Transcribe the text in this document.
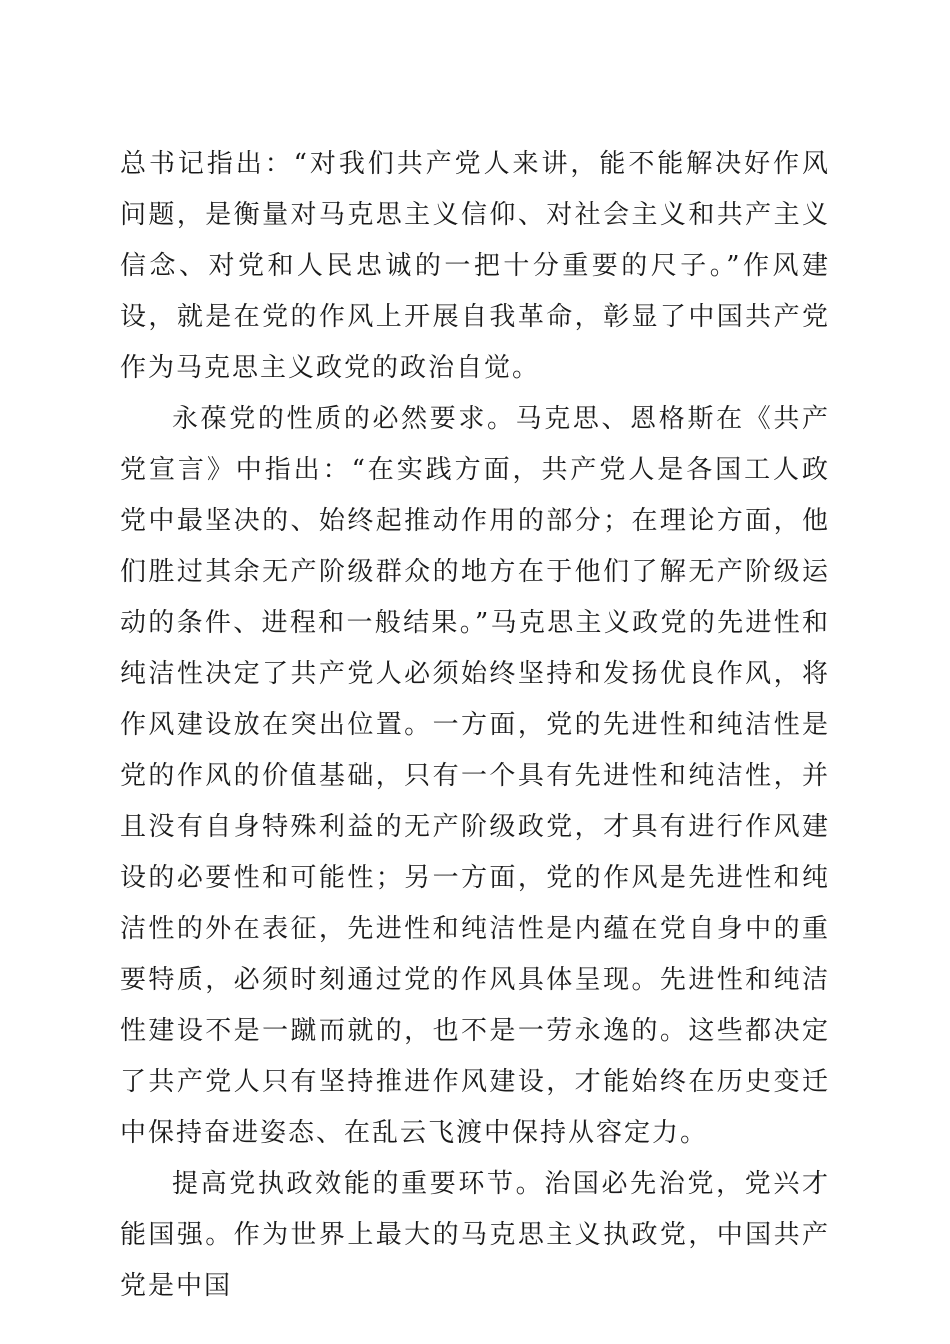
总书记指出：“对我们共产党人来讲，能不能解决好作风问题，是衡量对马克思主义信仰、对社会主义和共产主义信念、对党和人民忠诚的一把十分重要的尺子。”作风建设，就是在党的作风上开展自我革命，彰显了中国共产党作为马克思主义政党的政治自觉。

永葆党的性质的必然要求。马克思、恩格斯在《共产党宣言》中指出：“在实践方面，共产党人是各国工人政党中最坚决的、始终起推动作用的部分；在理论方面，他们胜过其余无产阶级群众的地方在于他们了解无产阶级运动的条件、进程和一般结果。”马克思主义政党的先进性和纯洁性决定了共产党人必须始终坚持和发扬优良作风，将作风建设放在突出位置。一方面，党的先进性和纯洁性是党的作风的价值基础，只有一个具有先进性和纯洁性，并且没有自身特殊利益的无产阶级政党，才具有进行作风建设的必要性和可能性；另一方面，党的作风是先进性和纯洁性的外在表征，先进性和纯洁性是内蕴在党自身中的重要特质，必须时刻通过党的作风具体呈现。先进性和纯洁性建设不是一蹴而就的，也不是一劳永逸的。这些都决定了共产党人只有坚持推进作风建设，才能始终在历史变迁中保持奋进姿态、在乱云飞渡中保持从容定力。

提高党执政效能的重要环节。治国必先治党，党兴才能国强。作为世界上最大的马克思主义执政党，中国共产党是中国
